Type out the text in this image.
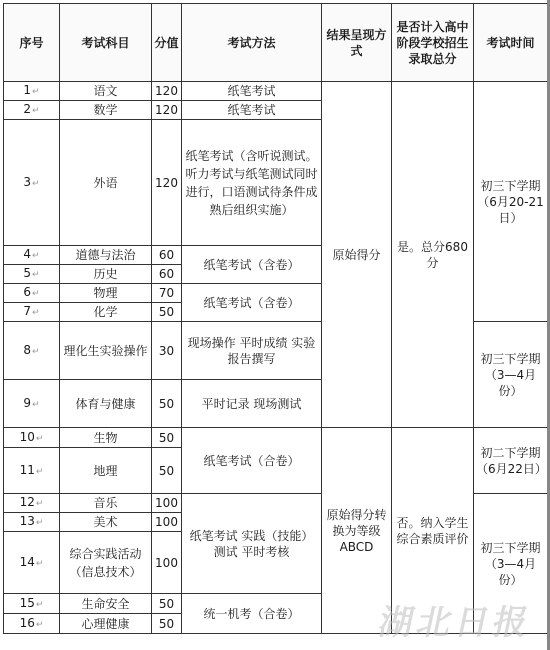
序号	考试科目	分值	考试方法	结果呈现方式	是否计入高中阶段学校招生录取总分	考试时间
1↵	语文	120	纸笔考试	原始得分	是。总分680分	初三下学期（6月20-21日）
2↵	数学	120	纸笔考试			
3↵	外语	120	纸笔考试（含听说测试。听力考试与纸笔测试同时进行，口语测试待条件成熟后组织实施）			
4↵	道德与法治	60	纸笔考试（含卷）			
5↵	历史	60				
6↵	物理	70	纸笔考试（含卷）			
7↵	化学	50				
8↵	理化生实验操作	30	现场操作 平时成绩 实验报告撰写			初三下学期（3—4月份）
9↵	体育与健康	50	平时记录 现场测试			
10↵	生物	50	纸笔考试（合卷）	原始得分转换为等级ABCD	否。纳入学生综合素质评价	初二下学期（6月22日）
11↵	地理	50				
12↵	音乐	100	纸笔考试 实践（技能）测试 平时考核			初三下学期（3—4月份）
13↵	美术	100				
14↵	综合实践活动（信息技术）	100				
15↵	生命安全	50	统一机考（合卷）			
16↵	心理健康	50					湖北日报
